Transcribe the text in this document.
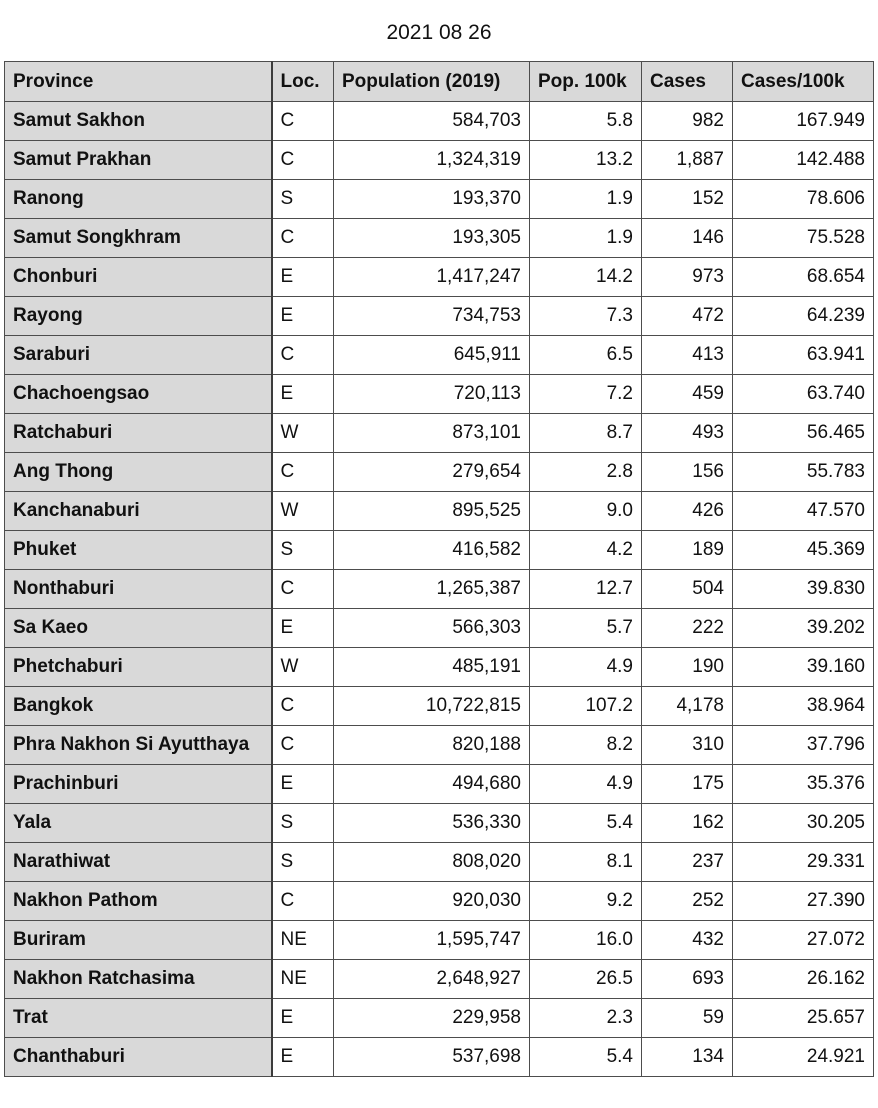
2021 08 26
Province	Loc.	Population (2019)	Pop. 100k	Cases	Cases/100k
Samut Sakhon	C	584,703	5.8	982	167.949
Samut Prakhan	C	1,324,319	13.2	1,887	142.488
Ranong	S	193,370	1.9	152	78.606
Samut Songkhram	C	193,305	1.9	146	75.528
Chonburi	E	1,417,247	14.2	973	68.654
Rayong	E	734,753	7.3	472	64.239
Saraburi	C	645,911	6.5	413	63.941
Chachoengsao	E	720,113	7.2	459	63.740
Ratchaburi	W	873,101	8.7	493	56.465
Ang Thong	C	279,654	2.8	156	55.783
Kanchanaburi	W	895,525	9.0	426	47.570
Phuket	S	416,582	4.2	189	45.369
Nonthaburi	C	1,265,387	12.7	504	39.830
Sa Kaeo	E	566,303	5.7	222	39.202
Phetchaburi	W	485,191	4.9	190	39.160
Bangkok	C	10,722,815	107.2	4,178	38.964
Phra Nakhon Si Ayutthaya	C	820,188	8.2	310	37.796
Prachinburi	E	494,680	4.9	175	35.376
Yala	S	536,330	5.4	162	30.205
Narathiwat	S	808,020	8.1	237	29.331
Nakhon Pathom	C	920,030	9.2	252	27.390
Buriram	NE	1,595,747	16.0	432	27.072
Nakhon Ratchasima	NE	2,648,927	26.5	693	26.162
Trat	E	229,958	2.3	59	25.657
Chanthaburi	E	537,698	5.4	134	24.921
